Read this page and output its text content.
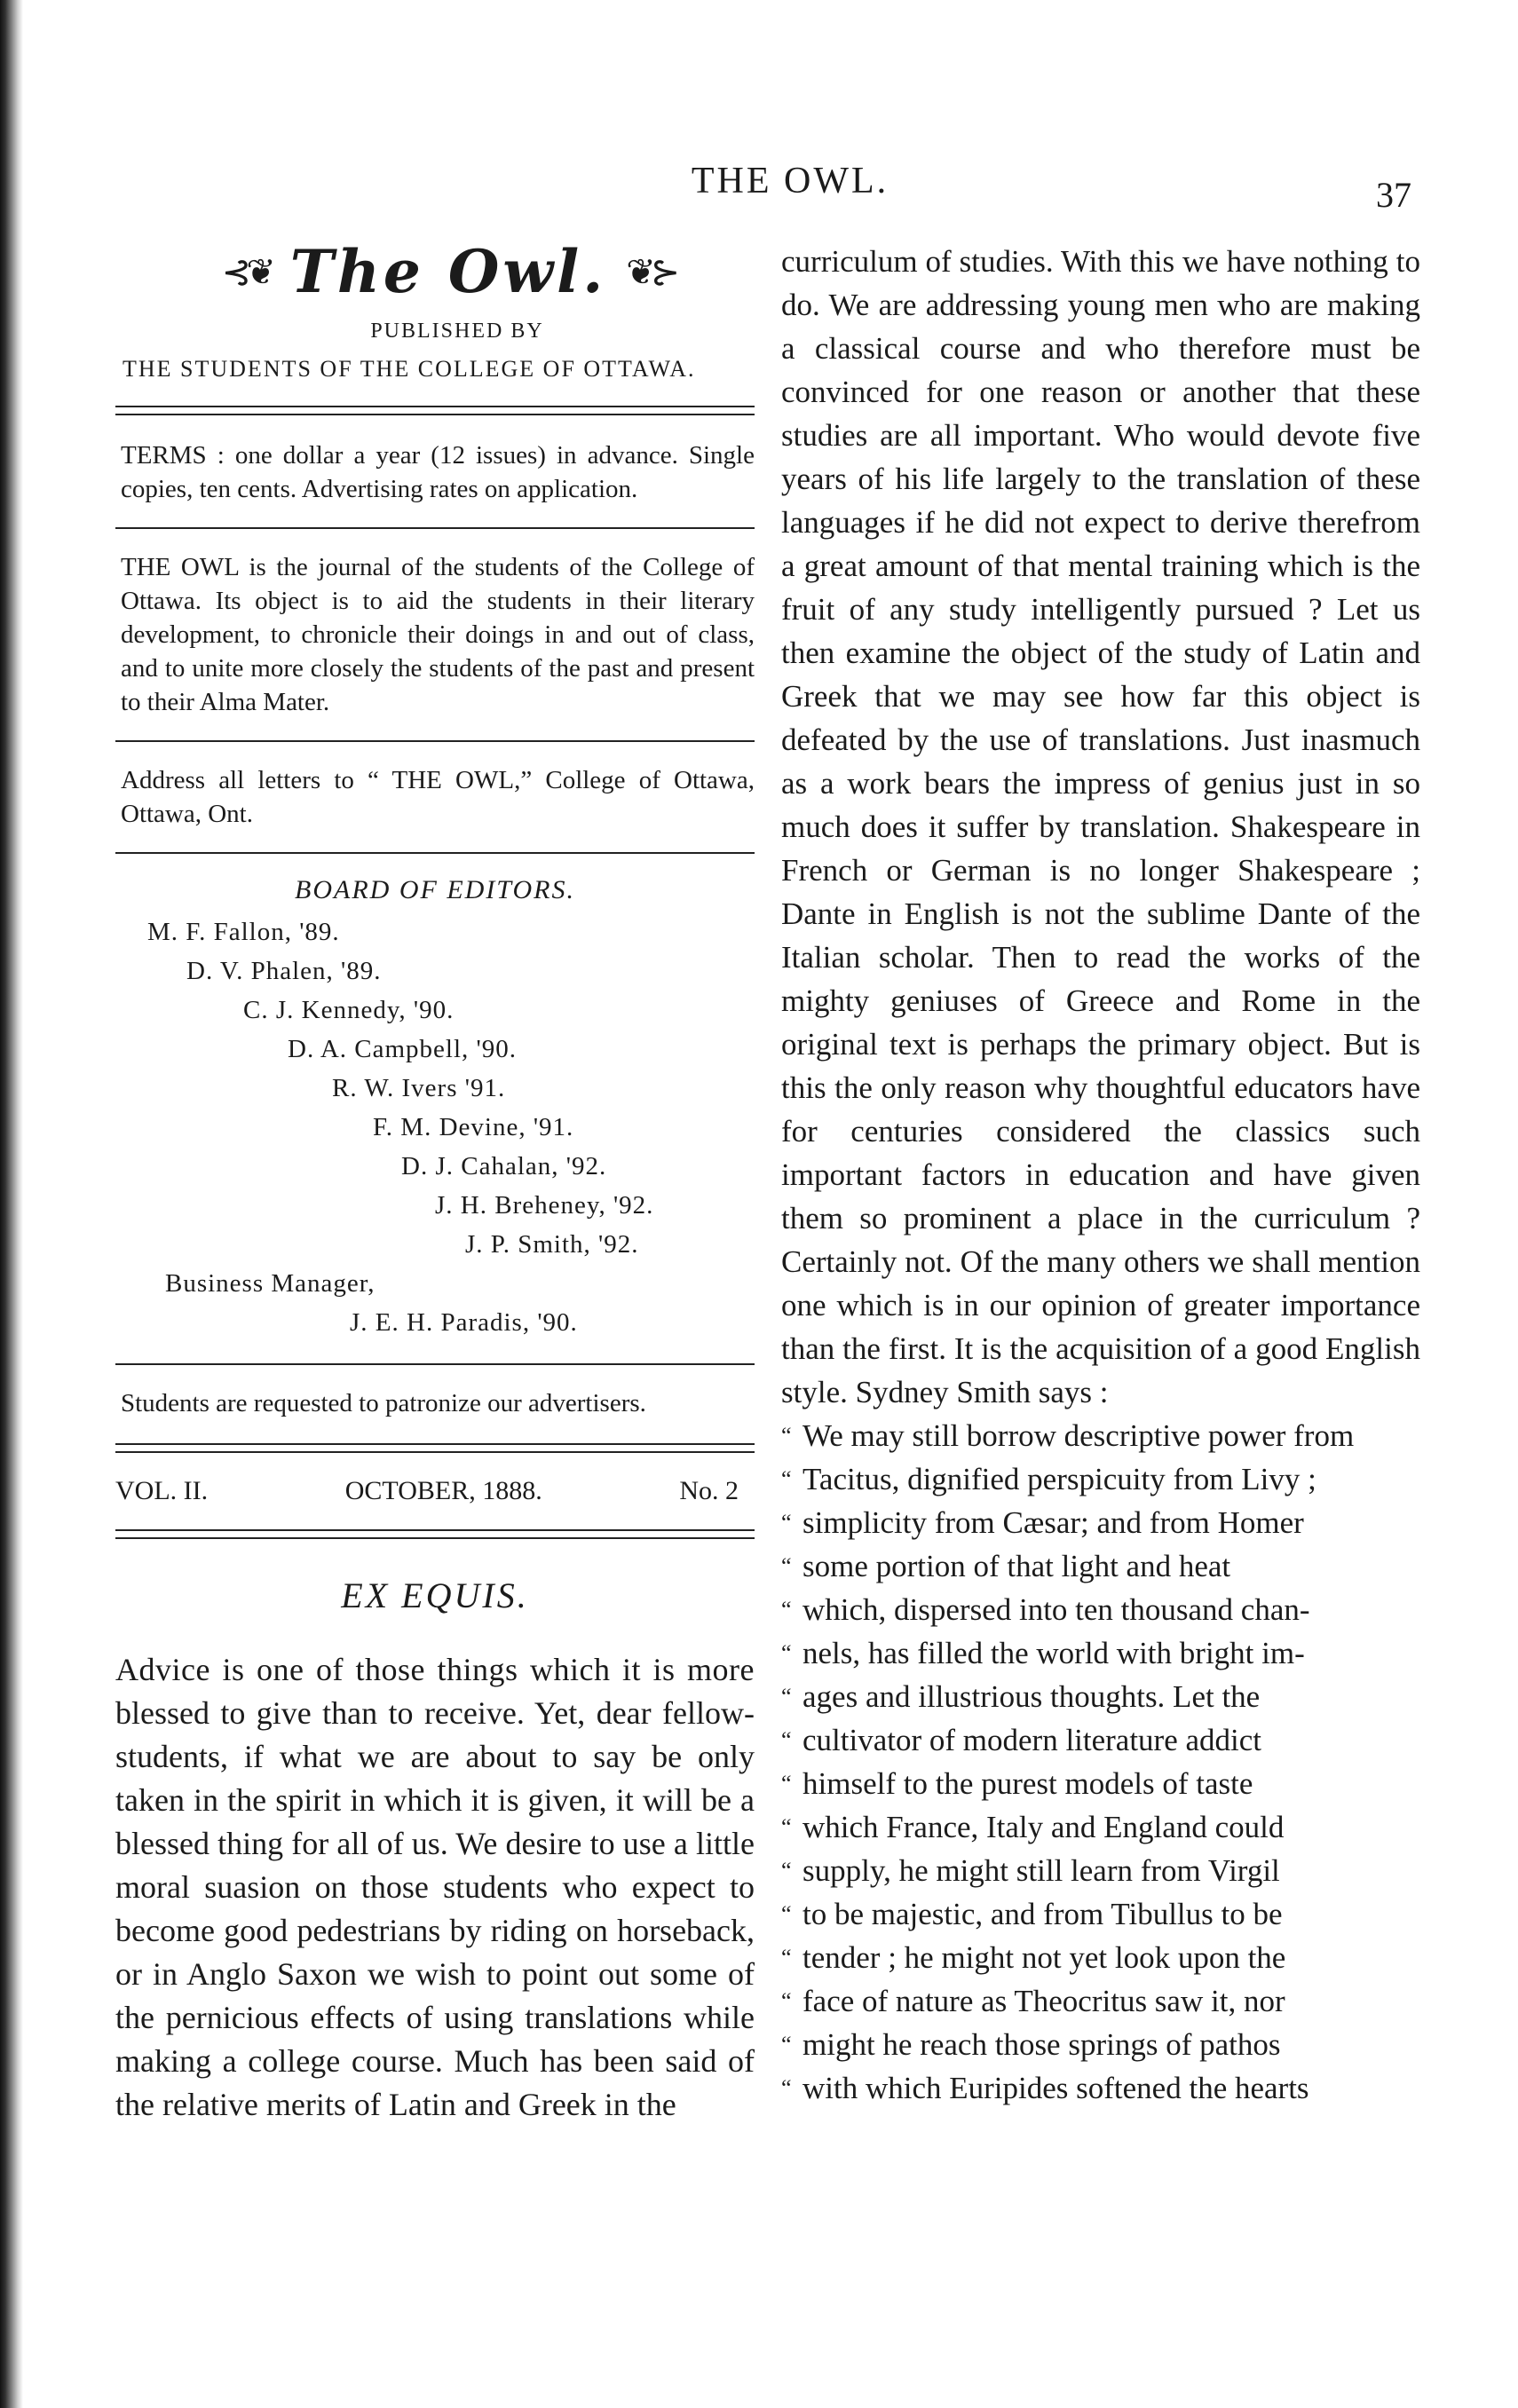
THE OWL.	37
⊰❦ The Owl. ❦⊱
PUBLISHED BY
THE STUDENTS OF THE COLLEGE OF OTTAWA.

TERMS : one dollar a year (12 issues) in advance. Single copies, ten cents. Advertising rates on application.

THE OWL is the journal of the students of the College of Ottawa. Its object is to aid the students in their literary development, to chronicle their doings in and out of class, and to unite more closely the students of the past and present to their Alma Mater.

Address all letters to “ THE OWL,” College of Ottawa, Ottawa, Ont.

BOARD OF EDITORS.
M. F. Fallon, '89.
D. V. Phalen, '89.
C. J. Kennedy, '90.
D. A. Campbell, '90.
R. W. Ivers '91.
F. M. Devine, '91.
D. J. Cahalan, '92.
J. H. Breheney, '92.
J. P. Smith, '92.
Business Manager,
J. E. H. Paradis, '90.

Students are requested to patronize our advertisers.

VOL. II.	OCTOBER, 1888.	No. 2
EX EQUIS.

Advice is one of those things which it is more blessed to give than to receive. Yet, dear fellow-students, if what we are about to say be only taken in the spirit in which it is given, it will be a blessed thing for all of us. We desire to use a little moral suasion on those students who expect to become good pedestrians by riding on horseback, or in Anglo Saxon we wish to point out some of the pernicious effects of using translations while making a college course. Much has been said of the relative merits of Latin and Greek in the

curriculum of studies. With this we have nothing to do. We are addressing young men who are making a classical course and who therefore must be convinced for one reason or another that these studies are all important. Who would devote five years of his life largely to the translation of these languages if he did not expect to derive therefrom a great amount of that mental training which is the fruit of any study intelligently pursued ? Let us then examine the object of the study of Latin and Greek that we may see how far this object is defeated by the use of translations. Just inasmuch as a work bears the impress of genius just in so much does it suffer by translation. Shakespeare in French or German is no longer Shakespeare ; Dante in English is not the sublime Dante of the Italian scholar. Then to read the works of the mighty geniuses of Greece and Rome in the original text is perhaps the primary object. But is this the only reason why thoughtful educators have for centuries considered the classics such important factors in education and have given them so prominent a place in the curriculum ? Certainly not. Of the many others we shall mention one which is in our opinion of greater importance than the first. It is the acquisition of a good English style. Sydney Smith says :
“ We may still borrow descriptive power from
“ Tacitus, dignified perspicuity from Livy ;
“ simplicity from Cæsar; and from Homer
“ some portion of that light and heat
“ which, dispersed into ten thousand chan-
“ nels, has filled the world with bright im-
“ ages and illustrious thoughts. Let the
“ cultivator of modern literature addict
“ himself to the purest models of taste
“ which France, Italy and England could
“ supply, he might still learn from Virgil
“ to be majestic, and from Tibullus to be
“ tender ; he might not yet look upon the
“ face of nature as Theocritus saw it, nor
“ might he reach those springs of pathos
“ with which Euripides softened the hearts
